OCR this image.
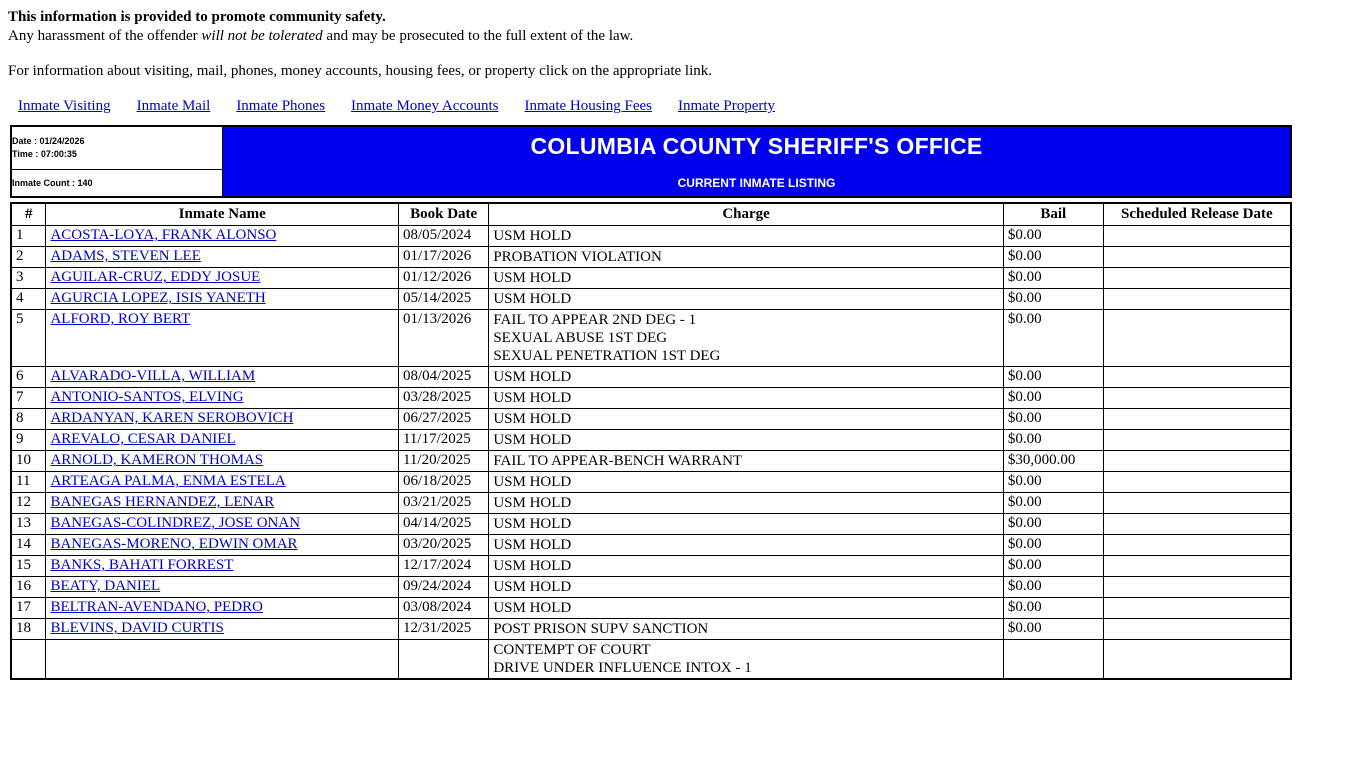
This information is provided to promote community safety.
Any harassment of the offender will not be tolerated and may be prosecuted to the full extent of the law.
For information about visiting, mail, phones, money accounts, housing fees, or property click on the appropriate link.
Inmate Visiting Inmate Mail Inmate Phones Inmate Money Accounts Inmate Housing Fees Inmate Property
Date : 01/24/2026
Time : 07:00:35	COLUMBIA COUNTY SHERIFF'S OFFICE
CURRENT INMATE LISTING

Inmate Count : 140
#	Inmate Name	Book Date	Charge	Bail	Scheduled Release Date
1	ACOSTA-LOYA, FRANK ALONSO	08/05/2024	USM HOLD	$0.00	
2	ADAMS, STEVEN LEE	01/17/2026	PROBATION VIOLATION	$0.00	
3	AGUILAR-CRUZ, EDDY JOSUE	01/12/2026	USM HOLD	$0.00	
4	AGURCIA LOPEZ, ISIS YANETH	05/14/2025	USM HOLD	$0.00	
5	ALFORD, ROY BERT	01/13/2026	FAIL TO APPEAR 2ND DEG - 1
SEXUAL ABUSE 1ST DEG
SEXUAL PENETRATION 1ST DEG	$0.00	
6	ALVARADO-VILLA, WILLIAM	08/04/2025	USM HOLD	$0.00	
7	ANTONIO-SANTOS, ELVING	03/28/2025	USM HOLD	$0.00	
8	ARDANYAN, KAREN SEROBOVICH	06/27/2025	USM HOLD	$0.00	
9	AREVALO, CESAR DANIEL	11/17/2025	USM HOLD	$0.00	
10	ARNOLD, KAMERON THOMAS	11/20/2025	FAIL TO APPEAR-BENCH WARRANT	$30,000.00	
11	ARTEAGA PALMA, ENMA ESTELA	06/18/2025	USM HOLD	$0.00	
12	BANEGAS HERNANDEZ, LENAR	03/21/2025	USM HOLD	$0.00	
13	BANEGAS-COLINDREZ, JOSE ONAN	04/14/2025	USM HOLD	$0.00	
14	BANEGAS-MORENO, EDWIN OMAR	03/20/2025	USM HOLD	$0.00	
15	BANKS, BAHATI FORREST	12/17/2024	USM HOLD	$0.00	
16	BEATY, DANIEL	09/24/2024	USM HOLD	$0.00	
17	BELTRAN-AVENDANO, PEDRO	03/08/2024	USM HOLD	$0.00	
18	BLEVINS, DAVID CURTIS	12/31/2025	POST PRISON SUPV SANCTION	$0.00	

			CONTEMPT OF COURT
DRIVE UNDER INFLUENCE INTOX - 1		
